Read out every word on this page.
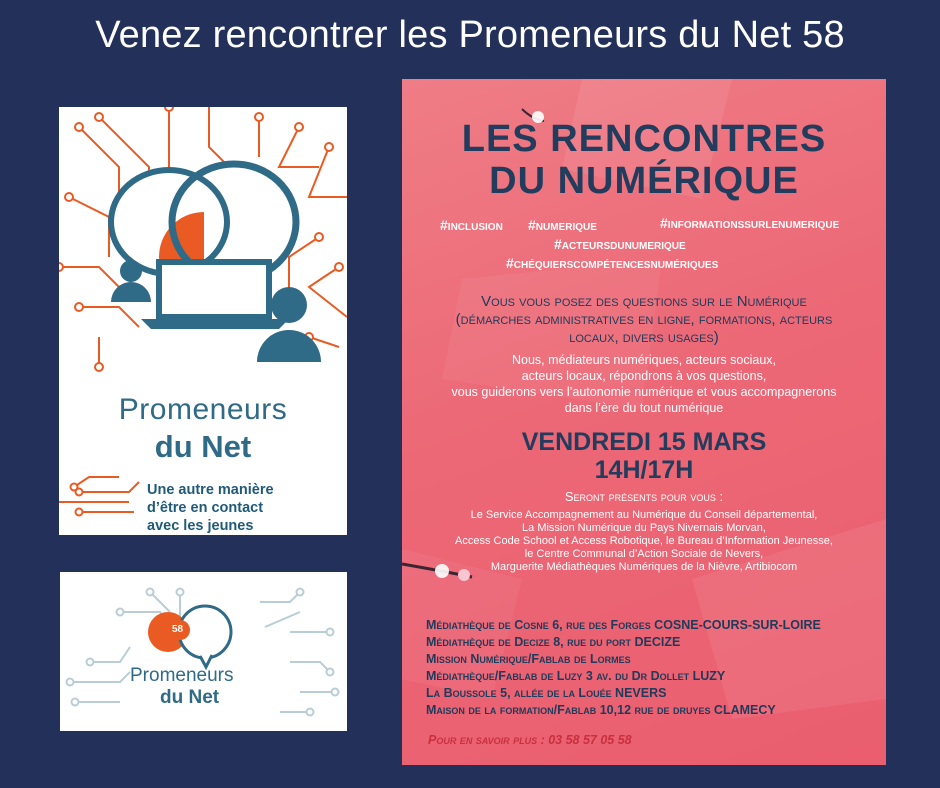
Venez rencontrer les Promeneurs du Net 58
Promeneurs
du Net
Une autre manière
d’être en contact
avec les jeunes
58
Promeneurs
du Net
LES RENCONTRES
DU NUMÉRIQUE
#inclusion #numerique	#informationssurlenumerique
#acteursdunumerique
#chéquierscompétencesnumériques
Vous vous posez des questions sur le Numérique
(démarches administratives en ligne, formations, acteurs
locaux, divers usages)
Nous, médiateurs numériques, acteurs sociaux,
acteurs locaux, répondrons à vos questions,
vous guiderons vers l’autonomie numérique et vous accompagnerons
dans l’ère du tout numérique
VENDREDI 15 MARS
14H/17H
Seront présents pour vous :
Le Service Accompagnement au Numérique du Conseil départemental,
La Mission Numérique du Pays Nivernais Morvan,
Access Code School et Access Robotique, le Bureau d’Information Jeunesse,
le Centre Communal d’Action Sociale de Nevers,
Marguerite Médiathèques Numériques de la Nièvre, Artibiocom
Médiathèque de Cosne 6, rue des Forges COSNE-COURS-SUR-LOIRE
Médiathèque de Decize 8, rue du port DECIZE
Mission Numérique/Fablab de Lormes
Médiathèque/Fablab de Luzy 3 av. du Dr Dollet LUZY
La Boussole 5, allée de la Louée NEVERS
Maison de la formation/Fablab 10,12 rue de druyes CLAMECY
Pour en savoir plus : 03 58 57 05 58
